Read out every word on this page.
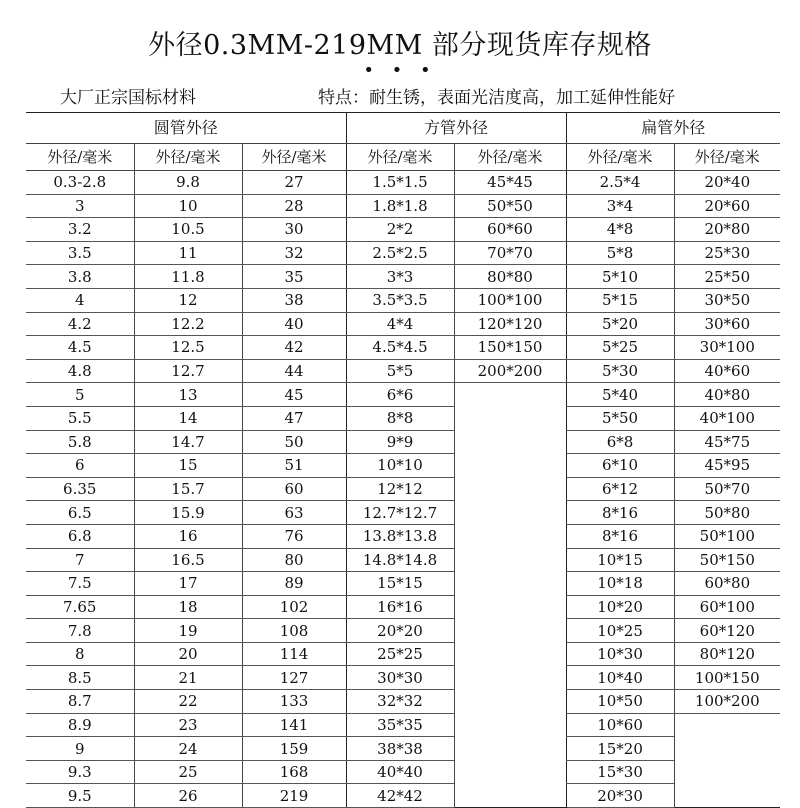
外径0.3MM-219MM 部分现货库存规格
• • •
大厂正宗国标材料	特点：耐生锈，表面光洁度高，加工延伸性能好
圆管外径			方管外径		扁管外径	
外径/毫米	外径/毫米	外径/毫米	外径/毫米	外径/毫米	外径/毫米	外径/毫米
0.3-2.8	9.8	27	1.5*1.5	45*45	2.5*4	20*40
3	10	28	1.8*1.8	50*50	3*4	20*60
3.2	10.5	30	2*2	60*60	4*8	20*80
3.5	11	32	2.5*2.5	70*70	5*8	25*30
3.8	11.8	35	3*3	80*80	5*10	25*50
4	12	38	3.5*3.5	100*100	5*15	30*50
4.2	12.2	40	4*4	120*120	5*20	30*60
4.5	12.5	42	4.5*4.5	150*150	5*25	30*100
4.8	12.7	44	5*5	200*200	5*30	40*60
5	13	45	6*6		5*40	40*80
5.5	14	47	8*8		5*50	40*100
5.8	14.7	50	9*9		6*8	45*75
6	15	51	10*10		6*10	45*95
6.35	15.7	60	12*12		6*12	50*70
6.5	15.9	63	12.7*12.7		8*16	50*80
6.8	16	76	13.8*13.8		8*16	50*100
7	16.5	80	14.8*14.8		10*15	50*150
7.5	17	89	15*15		10*18	60*80
7.65	18	102	16*16		10*20	60*100
7.8	19	108	20*20		10*25	60*120
8	20	114	25*25		10*30	80*120
8.5	21	127	30*30		10*40	100*150
8.7	22	133	32*32		10*50	100*200
8.9	23	141	35*35		10*60	
9	24	159	38*38		15*20	
9.3	25	168	40*40		15*30	
9.5	26	219	42*42		20*30	
